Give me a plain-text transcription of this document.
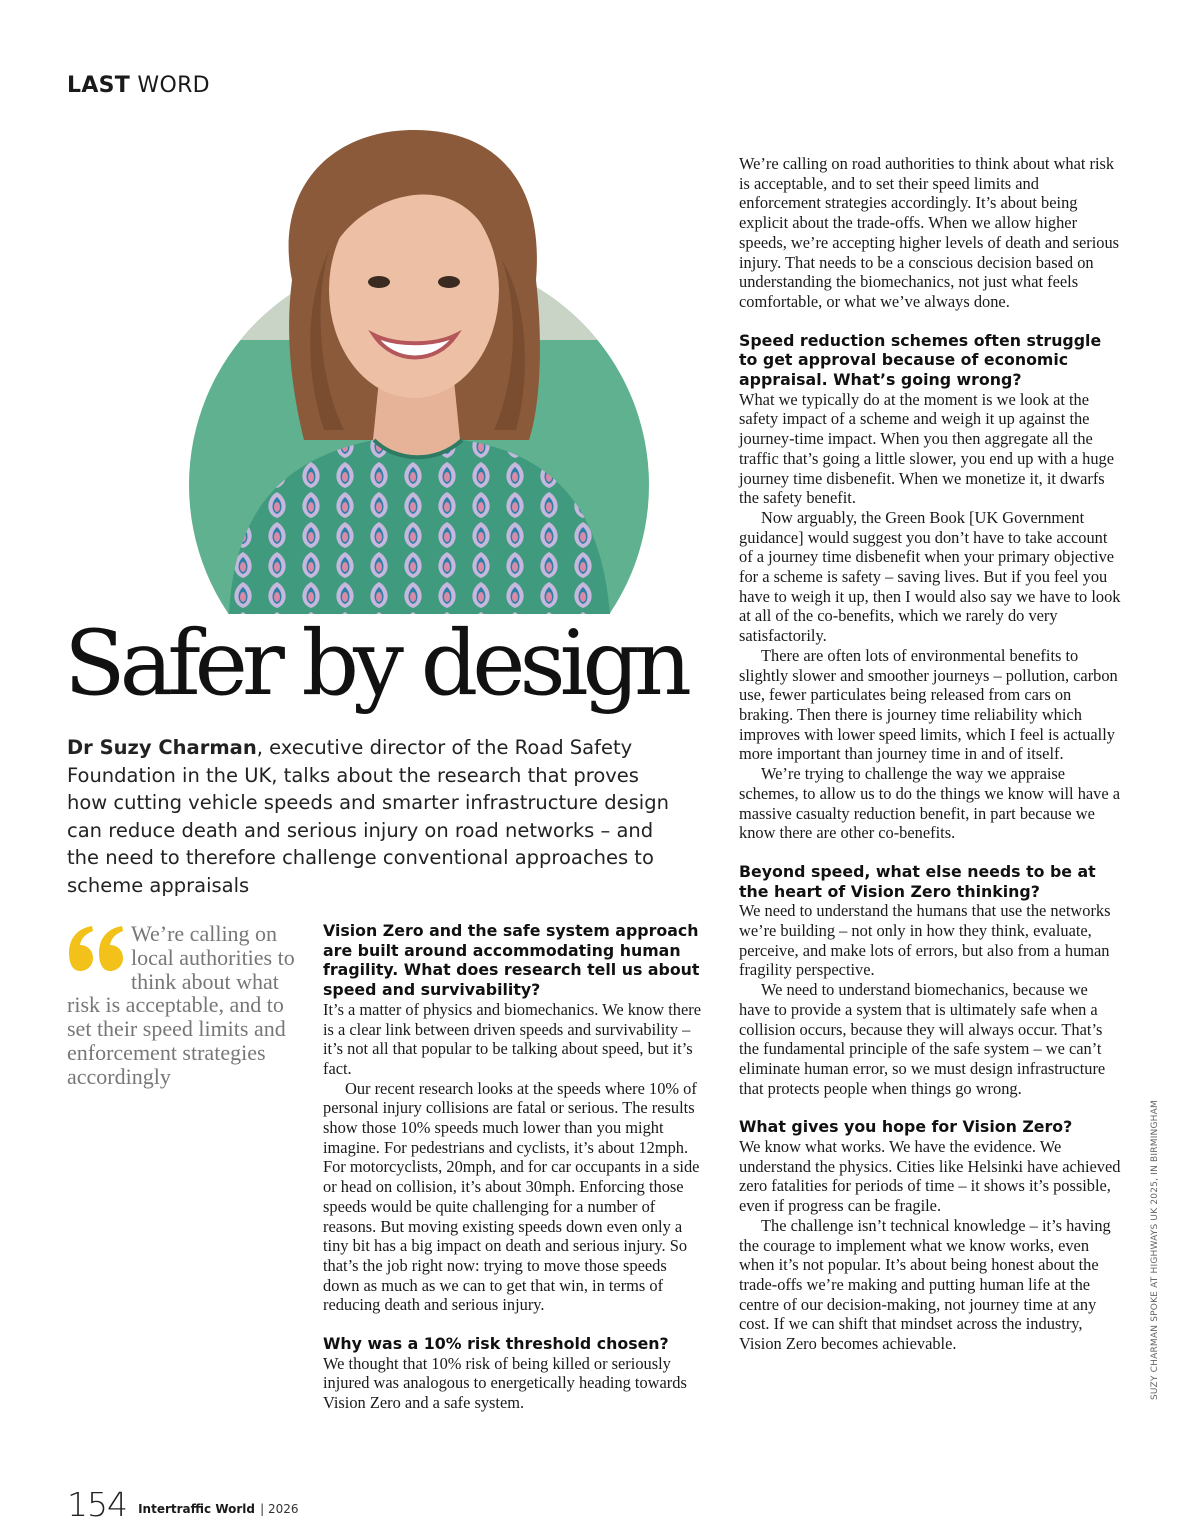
LAST WORD
Safer by design

Dr Suzy Charman, executive director of the Road Safety Foundation in the UK, talks about the research that proves how cutting vehicle speeds and smarter infrastructure design can reduce death and serious injury on road networks – and the need to therefore challenge conventional approaches to scheme appraisals

We’re calling on local authorities to think about what risk is acceptable, and to set their speed limits and enforcement strategies accordingly
Vision Zero and the safe system approach are built around accommodating human fragility. What does research tell us about speed and survivability?

It’s a matter of physics and biomechanics. We know there is a clear link between driven speeds and survivability – it’s not all that popular to be talking about speed, but it’s fact.

Our recent research looks at the speeds where 10% of personal injury collisions are fatal or serious. The results show those 10% speeds much lower than you might imagine. For pedestrians and cyclists, it’s about 12mph. For motorcyclists, 20mph, and for car occupants in a side or head on collision, it’s about 30mph. Enforcing those speeds would be quite challenging for a number of reasons. But moving existing speeds down even only a tiny bit has a big impact on death and serious injury. So that’s the job right now: trying to move those speeds down as much as we can to get that win, in terms of reducing death and serious injury.

Why was a 10% risk threshold chosen?

We thought that 10% risk of being killed or seriously injured was analogous to energetically heading towards Vision Zero and a safe system.

We’re calling on road authorities to think about what risk is acceptable, and to set their speed limits and enforcement strategies accordingly. It’s about being explicit about the trade-offs. When we allow higher speeds, we’re accepting higher levels of death and serious injury. That needs to be a conscious decision based on understanding the biomechanics, not just what feels comfortable, or what we’ve always done.

Speed reduction schemes often struggle to get approval because of economic appraisal. What’s going wrong?

What we typically do at the moment is we look at the safety impact of a scheme and weigh it up against the journey-time impact. When you then aggregate all the traffic that’s going a little slower, you end up with a huge journey time disbenefit. When we monetize it, it dwarfs the safety benefit.

Now arguably, the Green Book [UK Government guidance] would suggest you don’t have to take account of a journey time disbenefit when your primary objective for a scheme is safety – saving lives. But if you feel you have to weigh it up, then I would also say we have to look at all of the co-benefits, which we rarely do very satisfactorily.

There are often lots of environmental benefits to slightly slower and smoother journeys – pollution, carbon use, fewer particulates being released from cars on braking. Then there is journey time reliability which improves with lower speed limits, which I feel is actually more important than journey time in and of itself.

We’re trying to challenge the way we appraise schemes, to allow us to do the things we know will have a massive casualty reduction benefit, in part because we know there are other co-benefits.

Beyond speed, what else needs to be at the heart of Vision Zero thinking?

We need to understand the humans that use the networks we’re building – not only in how they think, evaluate, perceive, and make lots of errors, but also from a human fragility perspective.

We need to understand biomechanics, because we have to provide a system that is ultimately safe when a collision occurs, because they will always occur. That’s the fundamental principle of the safe system – we can’t eliminate human error, so we must design infrastructure that protects people when things go wrong.

What gives you hope for Vision Zero?

We know what works. We have the evidence. We understand the physics. Cities like Helsinki have achieved zero fatalities for periods of time – it shows it’s possible, even if progress can be fragile.

The challenge isn’t technical knowledge – it’s having the courage to implement what we know works, even when it’s not popular. It’s about being honest about the trade-offs we’re making and putting human life at the centre of our decision-making, not journey time at any cost. If we can shift that mindset across the industry, Vision Zero becomes achievable.

154 Intertraffic World | 2026
SUZY CHARMAN SPOKE AT HIGHWAYS UK 2025, IN BIRMINGHAM
